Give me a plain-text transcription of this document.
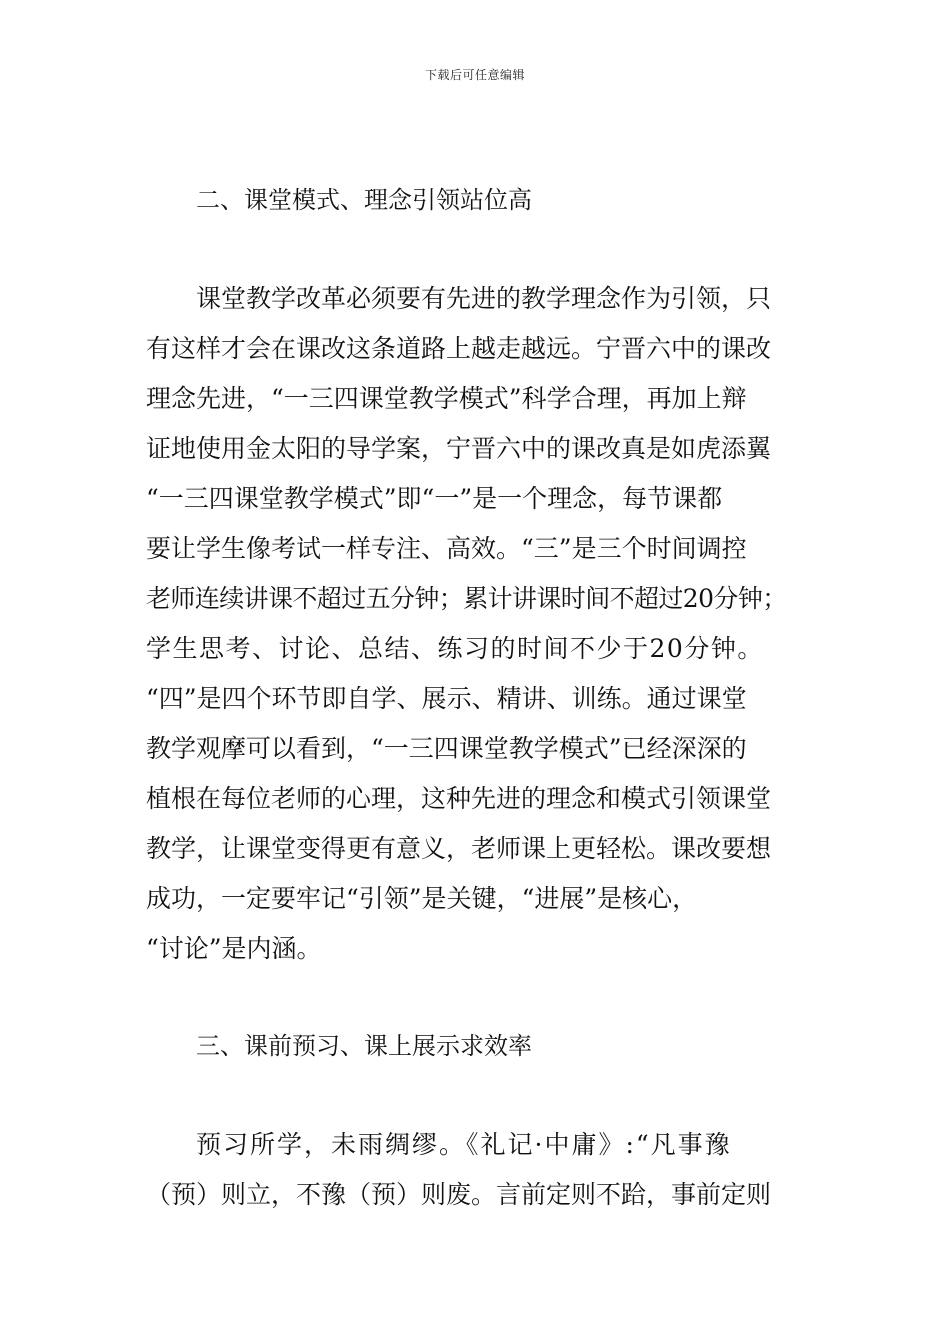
下载后可任意编辑
二、课堂模式、理念引领站位高
课堂教学改革必须要有先进的教学理念作为引领，只
有这样才会在课改这条道路上越走越远。宁晋六中的课改
理念先进，“一三四课堂教学模式”科学合理，再加上辩
证地使用金太阳的导学案，宁晋六中的课改真是如虎添翼
“一三四课堂教学模式”即“一”是一个理念，每节课都
要让学生像考试一样专注、高效。“三”是三个时间调控
老师连续讲课不超过五分钟；累计讲课时间不超过20分钟；
学生思考、讨论、总结、练习的时间不少于20分钟。
“四”是四个环节即自学、展示、精讲、训练。通过课堂
教学观摩可以看到，“一三四课堂教学模式”已经深深的
植根在每位老师的心理，这种先进的理念和模式引领课堂
教学，让课堂变得更有意义，老师课上更轻松。课改要想
成功，一定要牢记“引领”是关键，“进展”是核心，
“讨论”是内涵。
三、课前预习、课上展示求效率
预习所学，未雨绸缪。《礼记·中庸》:“凡事豫
（预）则立，不豫（预）则废。言前定则不跲，事前定则
